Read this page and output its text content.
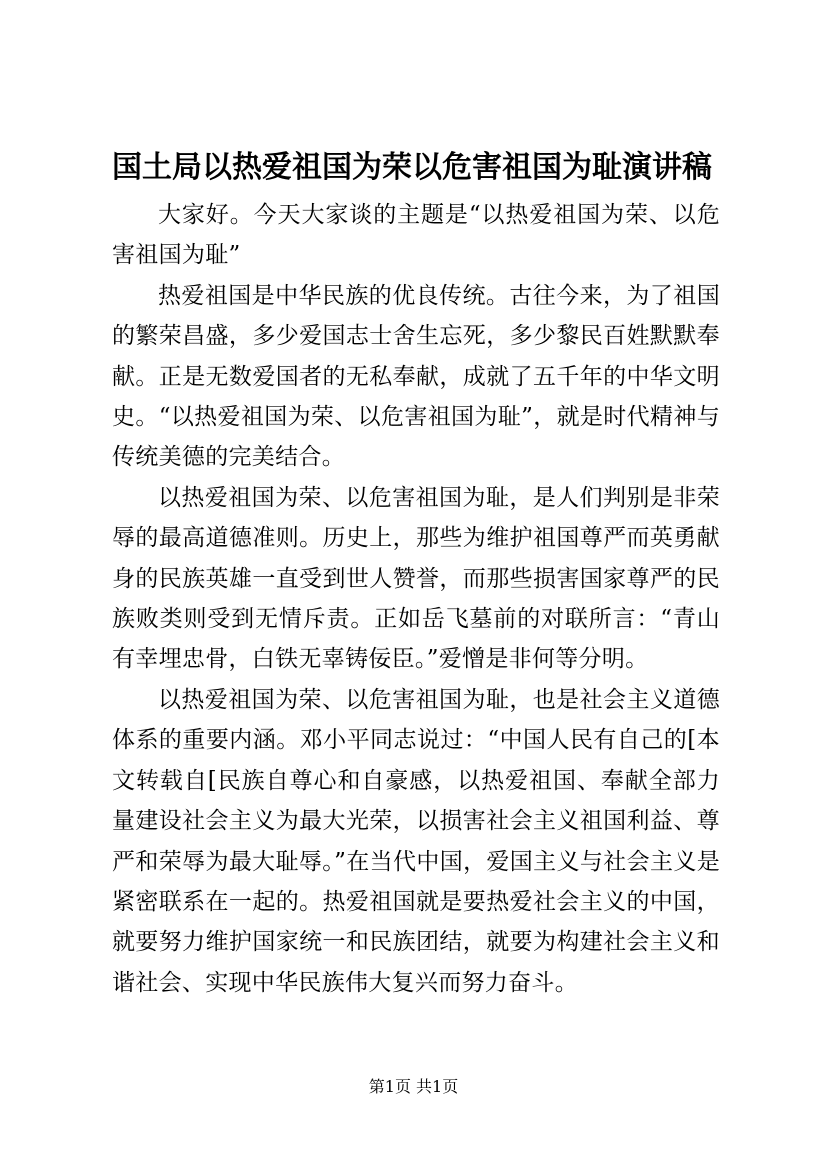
国土局以热爱祖国为荣以危害祖国为耻演讲稿

大家好。今天大家谈的主题是“以热爱祖国为荣、以危害祖国为耻”

热爱祖国是中华民族的优良传统。古往今来，为了祖国的繁荣昌盛，多少爱国志士舍生忘死，多少黎民百姓默默奉献。正是无数爱国者的无私奉献，成就了五千年的中华文明史。“以热爱祖国为荣、以危害祖国为耻”，就是时代精神与传统美德的完美结合。

以热爱祖国为荣、以危害祖国为耻，是人们判别是非荣辱的最高道德准则。历史上，那些为维护祖国尊严而英勇献身的民族英雄一直受到世人赞誉，而那些损害国家尊严的民族败类则受到无情斥责。正如岳飞墓前的对联所言：“青山有幸埋忠骨，白铁无辜铸佞臣。”爱憎是非何等分明。

以热爱祖国为荣、以危害祖国为耻，也是社会主义道德体系的重要内涵。邓小平同志说过：“中国人民有自己的[本文转载自[民族自尊心和自豪感，以热爱祖国、奉献全部力量建设社会主义为最大光荣，以损害社会主义祖国利益、尊严和荣辱为最大耻辱。”在当代中国，爱国主义与社会主义是紧密联系在一起的。热爱祖国就是要热爱社会主义的中国，就要努力维护国家统一和民族团结，就要为构建社会主义和谐社会、实现中华民族伟大复兴而努力奋斗。

第1页 共1页
